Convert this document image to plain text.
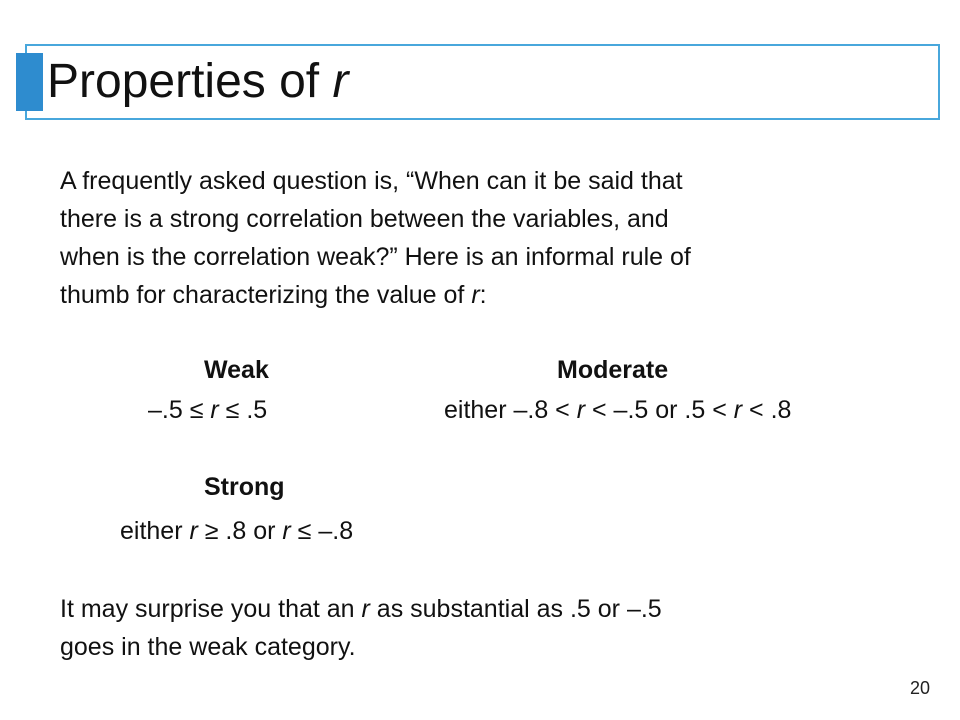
Properties of r

A frequently asked question is, “When can it be said that
there is a strong correlation between the variables, and
when is the correlation weak?” Here is an informal rule of
thumb for characterizing the value of r:

Weak
–.5 ≤ r ≤ .5
Moderate
either –.8 < r < –.5 or .5 < r < .8
Strong
either r ≥ .8 or r ≤ –.8

It may surprise you that an r as substantial as .5 or –.5
goes in the weak category.

20
